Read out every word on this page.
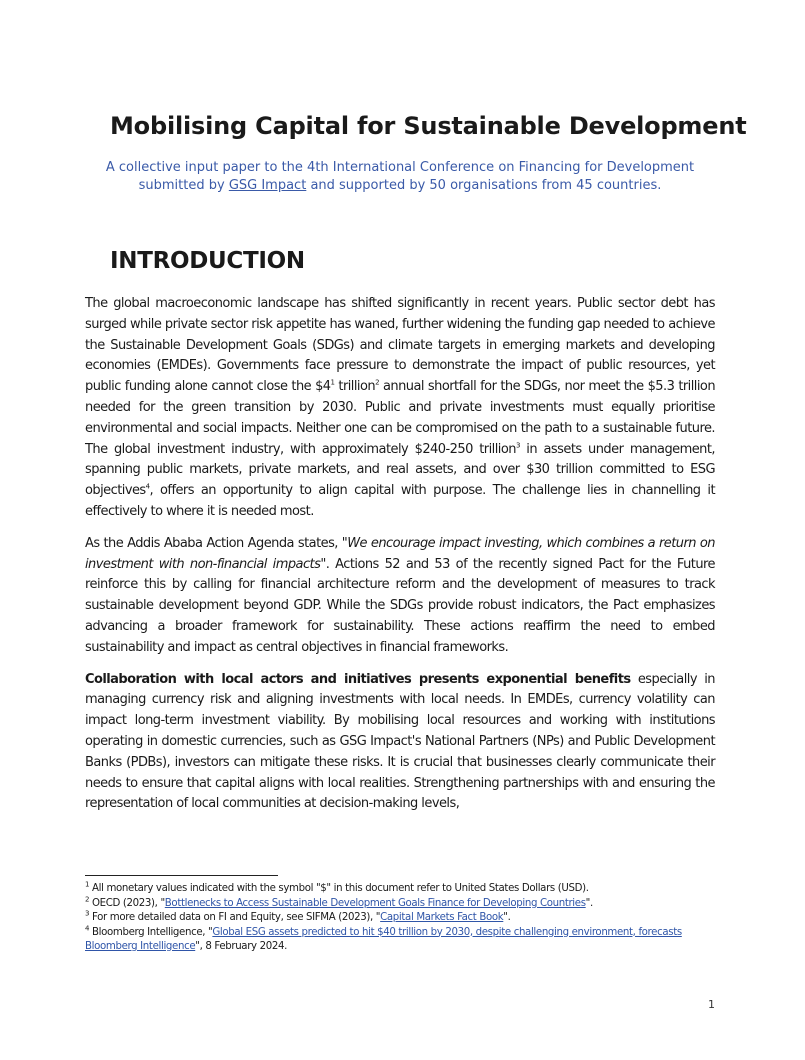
Mobilising Capital for Sustainable Development
A collective input paper to the 4th International Conference on Financing for Development
submitted by GSG Impact and supported by 50 organisations from 45 countries.
INTRODUCTION

The global macroeconomic landscape has shifted significantly in recent years. Public sector debt has surged while private sector risk appetite has waned, further widening the funding gap needed to achieve the Sustainable Development Goals (SDGs) and climate targets in emerging markets and developing economies (EMDEs). Governments face pressure to demonstrate the impact of public resources, yet public funding alone cannot close the $\$4^1$ trillion$^2$ annual shortfall for the SDGs, nor meet the $5.3 trillion needed for the green transition by 2030. Public and private investments must equally prioritise environmental and social impacts. Neither one can be compromised on the path to a sustainable future. The global investment industry, with approximately $240-250 trillion$^3$ in assets under management, spanning public markets, private markets, and real assets, and over $30 trillion committed to ESG objectives$^4$, offers an opportunity to align capital with purpose. The challenge lies in channelling it effectively to where it is needed most.

As the Addis Ababa Action Agenda states, "We encourage impact investing, which combines a return on investment with non-financial impacts". Actions 52 and 53 of the recently signed Pact for the Future reinforce this by calling for financial architecture reform and the development of measures to track sustainable development beyond GDP. While the SDGs provide robust indicators, the Pact emphasizes advancing a broader framework for sustainability. These actions reaffirm the need to embed sustainability and impact as central objectives in financial frameworks.

Collaboration with local actors and initiatives presents exponential benefits especially in managing currency risk and aligning investments with local needs. In EMDEs, currency volatility can impact long-term investment viability. By mobilising local resources and working with institutions operating in domestic currencies, such as GSG Impact's National Partners (NPs) and Public Development Banks (PDBs), investors can mitigate these risks. It is crucial that businesses clearly communicate their needs to ensure that capital aligns with local realities. Strengthening partnerships with and ensuring the representation of local communities at decision-making levels,

$^1$ All monetary values indicated with the symbol "$" in this document refer to United States Dollars (USD).
$^2$ OECD (2023), "Bottlenecks to Access Sustainable Development Goals Finance for Developing Countries".
$^3$ For more detailed data on FI and Equity, see SIFMA (2023), "Capital Markets Fact Book".
$^4$ Bloomberg Intelligence, "Global ESG assets predicted to hit $40 trillion by 2030, despite challenging environment, forecasts Bloomberg Intelligence", 8 February 2024.
1
